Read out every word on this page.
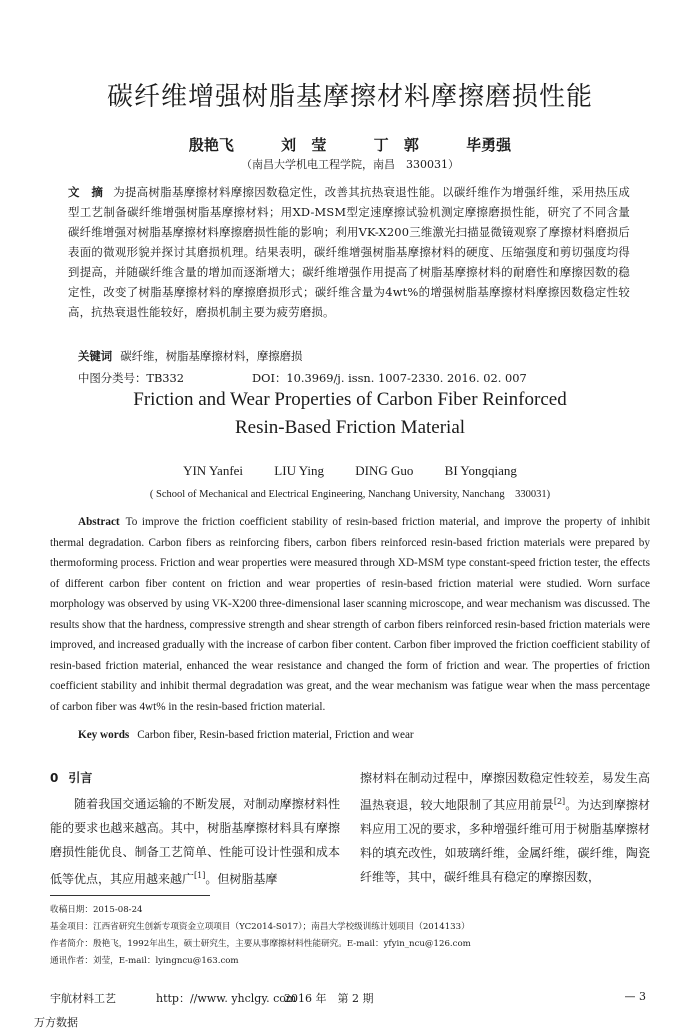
碳纤维增强树脂基摩擦材料摩擦磨损性能
殷艳飞	刘 莹	丁 郭	毕勇强
（南昌大学机电工程学院，南昌　330031）
文　摘 为提高树脂基摩擦材料摩擦因数稳定性，改善其抗热衰退性能。以碳纤维作为增强纤维，采用热压成型工艺制备碳纤维增强树脂基摩擦材料；用XD-MSM型定速摩擦试验机测定摩擦磨损性能，研究了不同含量碳纤维增强对树脂基摩擦材料摩擦磨损性能的影响；利用VK-X200三维激光扫描显微镜观察了摩擦材料磨损后表面的微观形貌并探讨其磨损机理。结果表明，碳纤维增强树脂基摩擦材料的硬度、压缩强度和剪切强度均得到提高，并随碳纤维含量的增加而逐渐增大；碳纤维增强作用提高了树脂基摩擦材料的耐磨性和摩擦因数的稳定性，改变了树脂基摩擦材料的摩擦磨损形式；碳纤维含量为4wt%的增强树脂基摩擦材料摩擦因数稳定性较高，抗热衰退性能较好，磨损机制主要为疲劳磨损。
关键词 碳纤维，树脂基摩擦材料，摩擦磨损
中图分类号：TB332	DOI：10.3969/j. issn. 1007-2330. 2016. 02. 007
Friction and Wear Properties of Carbon Fiber Reinforced
Resin-Based Friction Material
YIN Yanfei LIU Ying DING Guo BI Yongqiang
( School of Mechanical and Electrical Engineering, Nanchang University, Nanchang　330031)
Abstract To improve the friction coefficient stability of resin-based friction material, and improve the property of inhibit thermal degradation. Carbon fibers as reinforcing fibers, carbon fibers reinforced resin-based friction materials were prepared by thermoforming process. Friction and wear properties were measured through XD-MSM type constant-speed friction tester, the effects of different carbon fiber content on friction and wear properties of resin-based friction material were studied. Worn surface morphology was observed by using VK-X200 three-dimensional laser scanning microscope, and wear mechanism was discussed. The results show that the hardness, compressive strength and shear strength of carbon fibers reinforced resin-based friction materials were improved, and increased gradually with the increase of carbon fiber content. Carbon fiber improved the friction coefficient stability of resin-based friction material, enhanced the wear resistance and changed the form of friction and wear. The properties of friction coefficient stability and inhibit thermal degradation was great, and the wear mechanism was fatigue wear when the mass percentage of carbon fiber was 4wt% in the resin-based friction material.
Key words Carbon fiber, Resin-based friction material, Friction and wear
0 引言
随着我国交通运输的不断发展，对制动摩擦材料性能的要求也越来越高。其中，树脂基摩擦材料具有摩擦磨损性能优良、制备工艺简单、性能可设计性强和成本低等优点，其应用越来越广[1]。但树脂基摩
擦材料在制动过程中，摩擦因数稳定性较差，易发生高温热衰退，较大地限制了其应用前景[2]。为达到摩擦材料应用工况的要求，多种增强纤维可用于树脂基摩擦材料的填充改性，如玻璃纤维，金属纤维，碳纤维，陶瓷纤维等，其中，碳纤维具有稳定的摩擦因数，
收稿日期：2015-08-24
基金项目：江西省研究生创新专项资金立项项目（YC2014-S017）；南昌大学校级训练计划项目（2014133）
作者简介：殷艳飞，1992年出生，硕士研究生，主要从事摩擦材料性能研究。E-mail：yfyin_ncu@126.com
通讯作者：刘莹，E-mail：lyingncu@163.com
宇航材料工艺	http：//www. yhclgy. com
2016 年　第 2 期	— 3
万方数据
